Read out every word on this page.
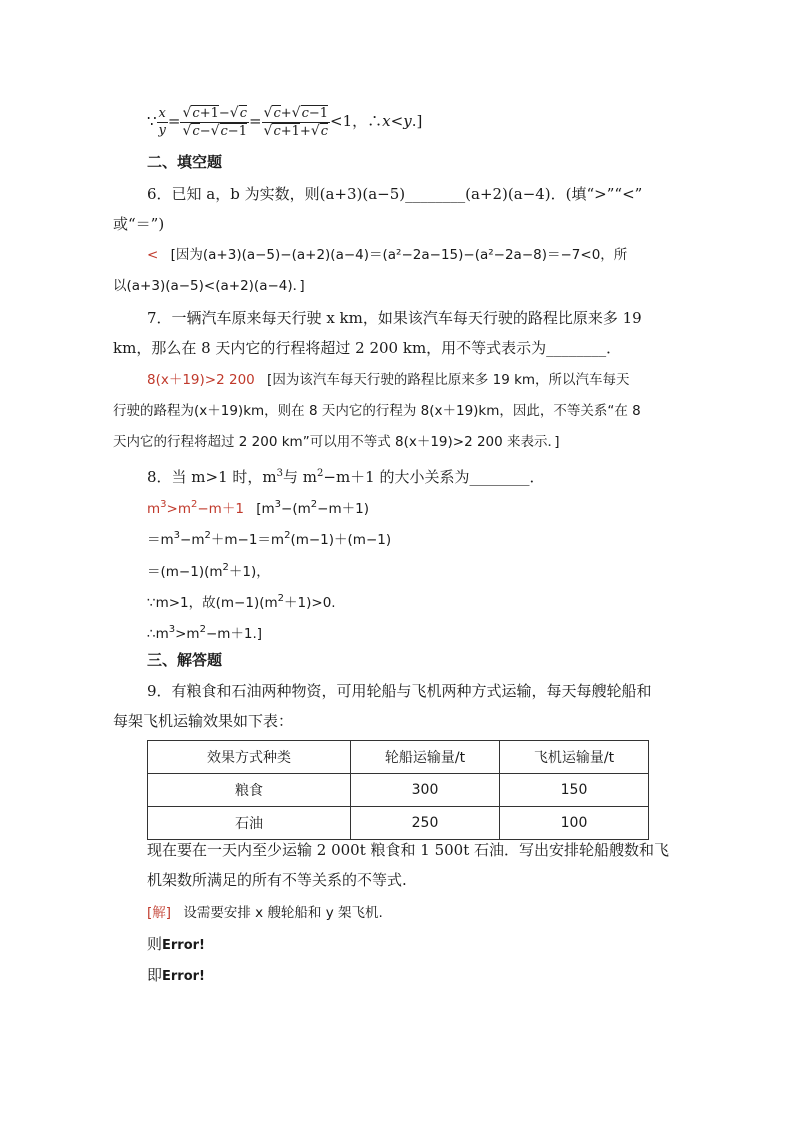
∵ $\frac{x}{y} = \frac{√c+1-√c}{√c-√c-1} = \frac{√c+√c-1}{√c+1+√c} <1$，∴x<y.]
二、填空题
6．已知 a，b 为实数，则(a+3)(a−5)________(a+2)(a−4)．(填“>”“<”
或“＝”)
< [因为(a+3)(a−5)−(a+2)(a−4)＝(a²−2a−15)−(a²−2a−8)＝−7<0，所
以(a+3)(a−5)<(a+2)(a−4)．]
7．一辆汽车原来每天行驶 x km，如果该汽车每天行驶的路程比原来多 19
km，那么在 8 天内它的行程将超过 2 200 km，用不等式表示为________．
8(x＋19)>2 200 [因为该汽车每天行驶的路程比原来多 19 km，所以汽车每天
行驶的路程为(x＋19)km，则在 8 天内它的行程为 8(x＋19)km，因此，不等关系“在 8
天内它的行程将超过 2 200 km”可以用不等式 8(x＋19)>2 200 来表示．]
8．当 m>1 时，$m^3$与 $m^2-m+1$ 的大小关系为________．
$m^3>m^2-m+1$ [$m^3-(m^2-m+1)$
$=m^3-m^2+m-1=m^2(m-1)+(m-1)$
$=(m-1)(m^2+1)$，
∵m>1，故$(m-1)(m^2+1)>0$.
$\therefore m^3>m^2-m+1$.]
三、解答题
9．有粮食和石油两种物资，可用轮船与飞机两种方式运输，每天每艘轮船和
每架飞机运输效果如下表：
效果方式种类	轮船运输量/t	飞机运输量/t
粮食	300	150
石油	250	100
现在要在一天内至少运输 2 000t 粮食和 1 500t 石油．写出安排轮船艘数和飞
机架数所满足的所有不等关系的不等式.
[解] 设需要安排 x 艘轮船和 y 架飞机.
则Error!
即Error!
